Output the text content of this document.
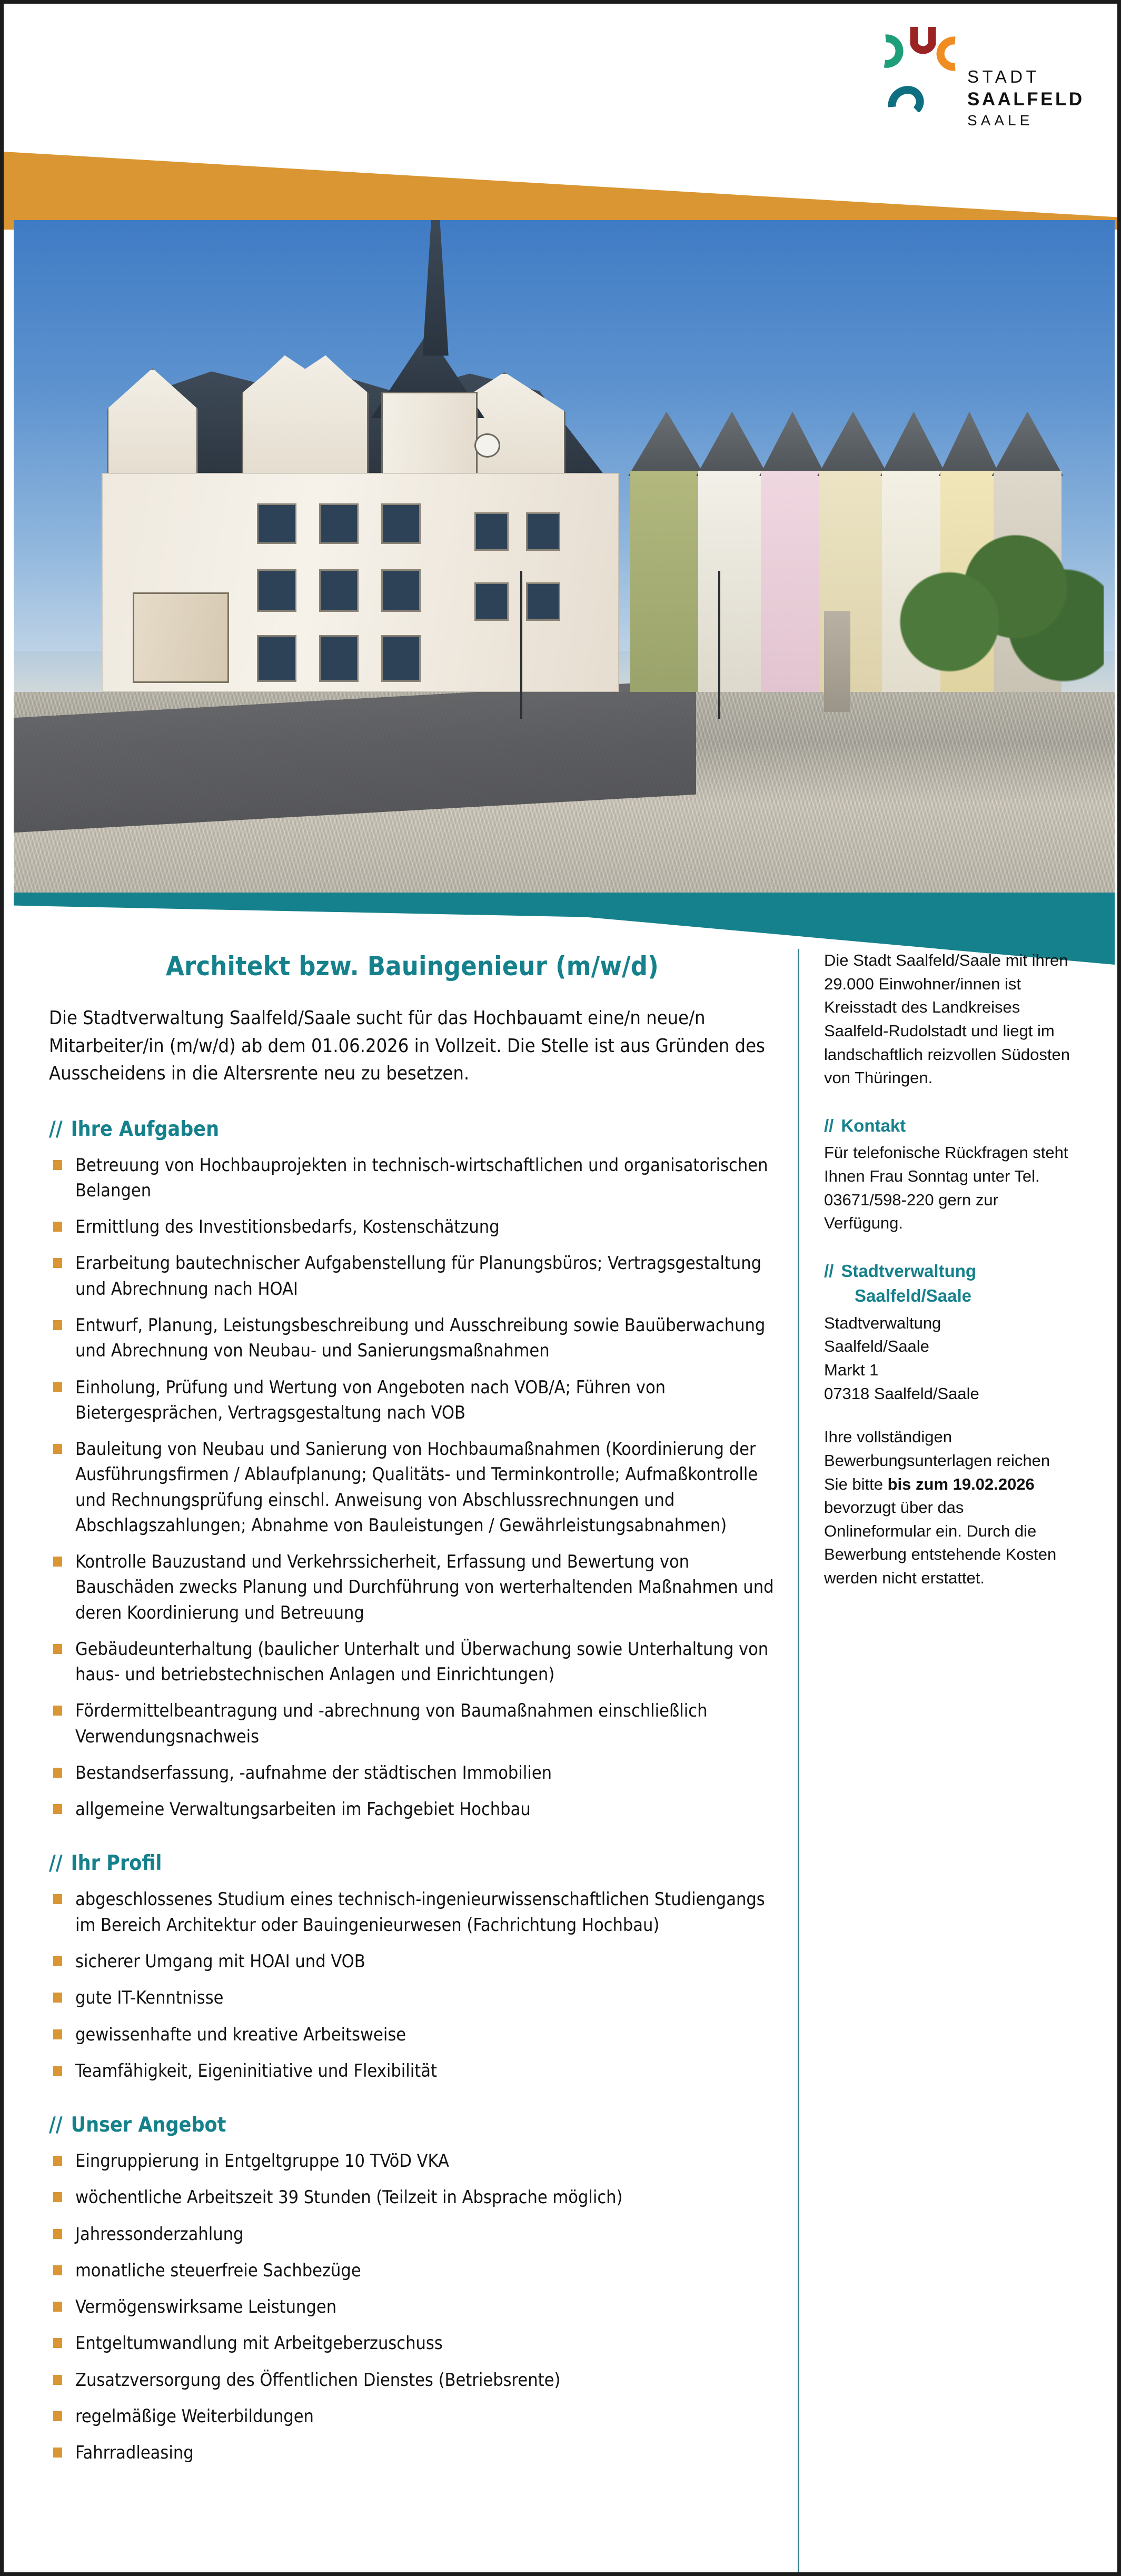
STADT
SAALFELD
SAALE
Architekt bzw. Bauingenieur (m/w/d)

Die Stadtverwaltung Saalfeld/Saale sucht für das Hochbauamt eine/n neue/n Mitarbeiter/in (m/w/d) ab dem 01.06.2026 in Vollzeit. Die Stelle ist aus Gründen des Ausscheidens in die Altersrente neu zu besetzen.

// Ihre Aufgaben
Betreuung von Hochbauprojekten in technisch-wirtschaftlichen und organisatorischen Belangen
Ermittlung des Investitionsbedarfs, Kostenschätzung
Erarbeitung bautechnischer Aufgabenstellung für Planungsbüros; Vertragsgestaltung und Abrechnung nach HOAI
Entwurf, Planung, Leistungsbeschreibung und Ausschreibung sowie Bauüberwachung und Abrechnung von Neubau- und Sanierungsmaßnahmen
Einholung, Prüfung und Wertung von Angeboten nach VOB/A; Führen von Bietergesprächen, Vertragsgestaltung nach VOB
Bauleitung von Neubau und Sanierung von Hochbaumaßnahmen (Koordinierung der Ausführungsfirmen / Ablaufplanung; Qualitäts- und Terminkontrolle; Aufmaßkontrolle und Rechnungsprüfung einschl. Anweisung von Abschlussrechnungen und Abschlagszahlungen; Abnahme von Bauleistungen / Gewährleistungsabnahmen)
Kontrolle Bauzustand und Verkehrssicherheit, Erfassung und Bewertung von Bauschäden zwecks Planung und Durchführung von werterhaltenden Maßnahmen und deren Koordinierung und Betreuung
Gebäudeunterhaltung (baulicher Unterhalt und Überwachung sowie Unterhaltung von haus- und betriebstechnischen Anlagen und Einrichtungen)
Fördermittelbeantragung und -abrechnung von Baumaßnahmen einschließlich Verwendungsnachweis
Bestandserfassung, -aufnahme der städtischen Immobilien
allgemeine Verwaltungsarbeiten im Fachgebiet Hochbau
// Ihr Profil
abgeschlossenes Studium eines technisch-ingenieurwissenschaftlichen Studiengangs im Bereich Architektur oder Bauingenieurwesen (Fachrichtung Hochbau)
sicherer Umgang mit HOAI und VOB
gute IT-Kenntnisse
gewissenhafte und kreative Arbeitsweise
Teamfähigkeit, Eigeninitiative und Flexibilität
// Unser Angebot
Eingruppierung in Entgeltgruppe 10 TVöD VKA
wöchentliche Arbeitszeit 39 Stunden (Teilzeit in Absprache möglich)
Jahressonderzahlung
monatliche steuerfreie Sachbezüge
Vermögenswirksame Leistungen
Entgeltumwandlung mit Arbeitgeberzuschuss
Zusatzversorgung des Öffentlichen Dienstes (Betriebsrente)
regelmäßige Weiterbildungen
Fahrradleasing

Die Stadt Saalfeld/Saale mit ihren 29.000 Einwohner/innen ist Kreisstadt des Landkreises Saalfeld-Rudolstadt und liegt im landschaftlich reizvollen Südosten von Thüringen.

// Kontakt

Für telefonische Rückfragen steht Ihnen Frau Sonntag unter Tel. 03671/598-220 gern zur Verfügung.

// Stadtverwaltung Saalfeld/Saale
Stadtverwaltung
Saalfeld/Saale
Markt 1
07318 Saalfeld/Saale

Ihre vollständigen Bewerbungsunterlagen reichen Sie bitte bis zum 19.02.2026 bevorzugt über das Onlineformular ein. Durch die Bewerbung entstehende Kosten werden nicht erstattet.
